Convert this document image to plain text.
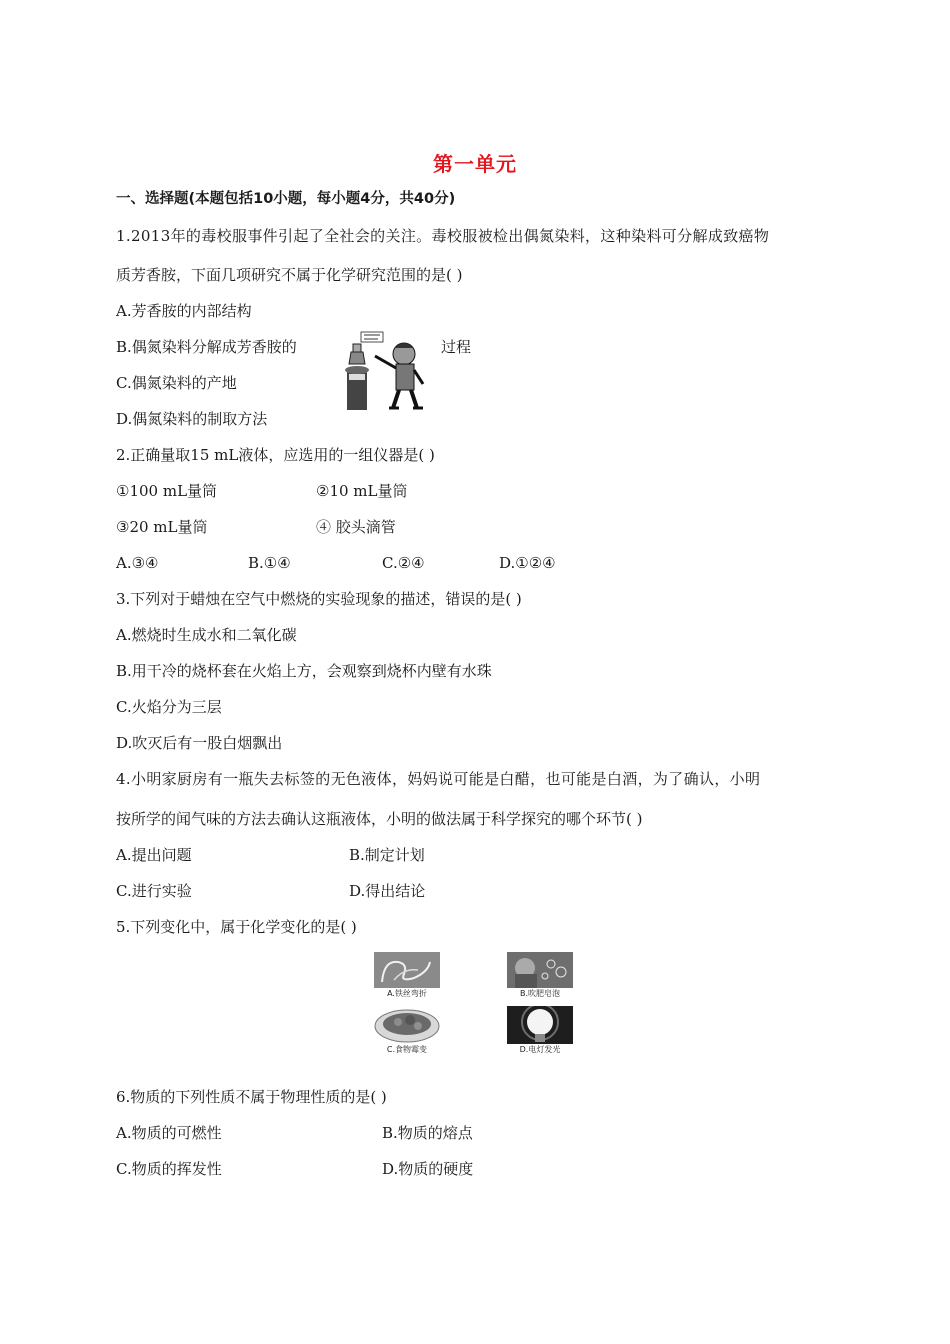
第一单元
一、选择题(本题包括10小题，每小题4分，共40分)
1.2013年的毒校服事件引起了全社会的关注。毒校服被检出偶氮染料，这种染料可分解成致癌物
质芳香胺，下面几项研究不属于化学研究范围的是( )
A.芳香胺的内部结构
B.偶氮染料分解成芳香胺的	过程
C.偶氮染料的产地
D.偶氮染料的制取方法
2.正确量取15 mL液体，应选用的一组仪器是( )
①100 mL量筒	②10 mL量筒
③20 mL量筒	④ 胶头滴管
A.③④	B.①④	C.②④	D.①②④
3.下列对于蜡烛在空气中燃烧的实验现象的描述，错误的是( )
A.燃烧时生成水和二氧化碳
B.用干冷的烧杯套在火焰上方，会观察到烧杯内壁有水珠
C.火焰分为三层
D.吹灭后有一股白烟飘出
4.小明家厨房有一瓶失去标签的无色液体，妈妈说可能是白醋，也可能是白酒，为了确认，小明
按所学的闻气味的方法去确认这瓶液体，小明的做法属于科学探究的哪个环节( )
A.提出问题	B.制定计划
C.进行实验	D.得出结论
5.下列变化中，属于化学变化的是( )
A.铁丝弯折	B.吹肥皂泡
C.食物霉变	D.电灯发光
6.物质的下列性质不属于物理性质的是( )
A.物质的可燃性	B.物质的熔点
C.物质的挥发性	D.物质的硬度
